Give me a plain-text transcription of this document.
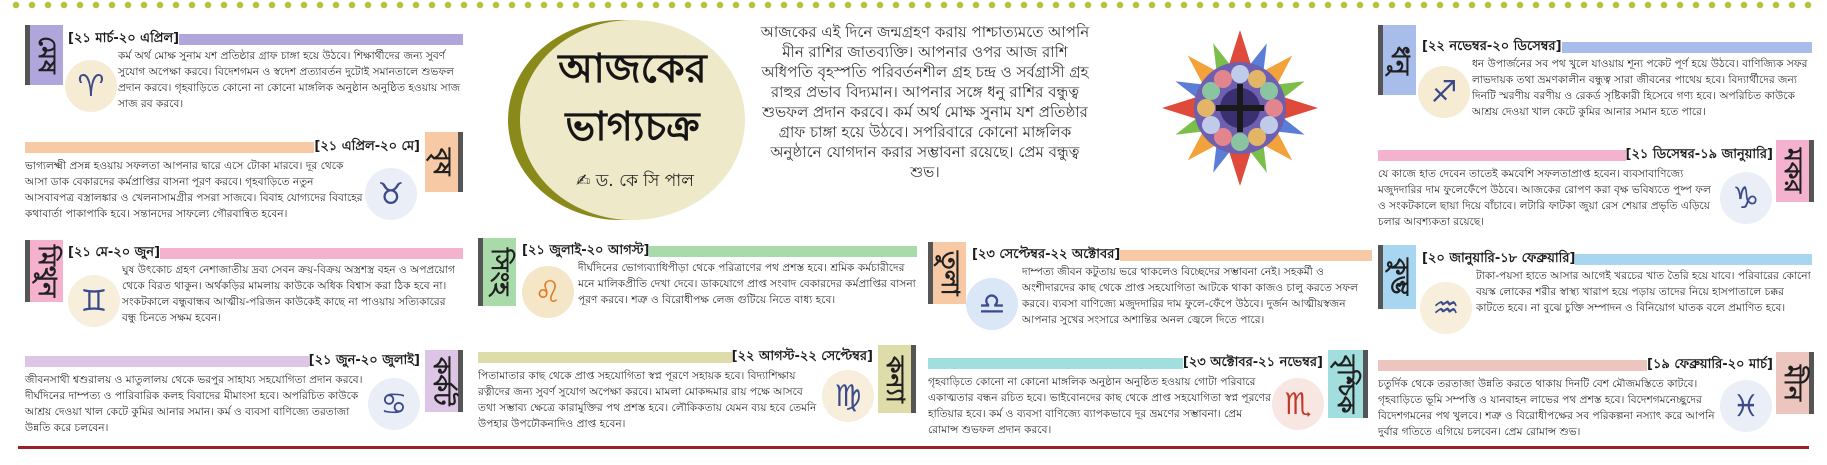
মেষ [২১ মার্চ-২০ এপ্রিল]
♈
কর্ম অর্থ মোক্ষ সুনাম যশ প্রতিষ্ঠার গ্রাফ চাঙ্গা হয়ে উঠবে। শিক্ষার্থীদের জন্য সুবর্ণ সুযোগ অপেক্ষা করবে। বিদেশগমন ও স্বদেশ প্রত্যাবর্তন দুটোই সমানতালে শুভফল প্রদান করবে। গৃহবাড়িতে কোনো না কোনো মাঙ্গলিক অনুষ্ঠান অনুষ্ঠিত হওয়ায় সাজ সাজ রব করবে।
[২১ এপ্রিল-২০ মে]
বৃষ
♉
ভাগ্যলক্ষ্মী প্রসন্ন হওয়ায় সফলতা আপনার দ্বারে এসে টোকা মারবে। দূর থেকে আসা ডাক বেকারদের কর্মপ্রাপ্তির বাসনা পূরণ করবে। গৃহবাড়িতে নতুন আসবাবপত্র বস্ত্রালঙ্কার ও খেলনাসামগ্রীর পসরা সাজবে। বিবাহ যোগ্যদের বিবাহের কথাবার্তা পাকাপাকি হবে। সন্তানদের সাফল্যে গৌরবান্বিত হবেন।
মিথুন [২১ মে-২০ জুন]
♊
ঘুষ উৎকোচ গ্রহণ নেশাজাতীয় দ্রব্য সেবন ক্রয়-বিক্রয় অস্ত্রশস্ত্র বহন ও অপপ্রয়োগ থেকে বিরত থাকুন। অর্থকড়ির মামলায় কাউকে অধিক বিশ্বাস করা ঠিক হবে না। সংকটকালে বন্ধুবান্ধব আত্মীয়-পরিজন কাউকেই কাছে না পাওয়ায় সত্যিকারের বন্ধু চিনতে সক্ষম হবেন।
[২১ জুন-২০ জুলাই] কর্কট
♋
জীবনসাথী শ্বশুরালয় ও মাতুলালয় থেকে ভরপুর সাহায্য সহযোগিতা প্রদান করবে। দীর্ঘদিনের দাম্পত্য ও পারিবারিক কলহ বিবাদের মীমাংসা হবে। অপরিচিত কাউকে আশ্রয় দেওয়া খাল কেটে কুমির আনার সমান। কর্ম ও ব্যবসা বাণিজ্যে তরতাজা উন্নতি করে চলবেন।
আজকের
ভাগ্যচক্র
✍ ড. কে সি পাল
আজকের এই দিনে জন্মগ্রহণ করায় পাশ্চাত্যমতে আপনি মীন রাশির জাতব্যক্তি। আপনার ওপর আজ রাশি অধিপতি বৃহস্পতি পরিবর্তনশীল গ্রহ চন্দ্র ও সর্বগ্রাসী গ্রহ রাহুর প্রভাব বিদ্যমান। আপনার সঙ্গে ধনু রাশির বন্ধুত্ব শুভফল প্রদান করবে। কর্ম অর্থ মোক্ষ সুনাম যশ প্রতিষ্ঠার গ্রাফ চাঙ্গা হয়ে উঠবে। সপরিবারে কোনো মাঙ্গলিক অনুষ্ঠানে যোগদান করার সম্ভাবনা রয়েছে। প্রেম বন্ধুত্ব শুভ।
সিংহ [২১ জুলাই-২০ আগস্ট]
♌
দীর্ঘদিনের ভোগ্যব্যাধিপীড়া থেকে পরিত্রাণের পথ প্রশস্ত হবে। শ্রমিক কর্মচারীদের মনে মালিকপ্রীতি দেখা দেবে। ডাকযোগে প্রাপ্ত সংবাদ বেকারদের কর্মপ্রাপ্তির বাসনা পূরণ করবে। শত্রু ও বিরোধীপক্ষ লেজ গুটিয়ে নিতে বাধ্য হবে।
[২২ আগস্ট-২২ সেপ্টেম্বর] কন্যা
♍
পিতামাতার কাছ থেকে প্রাপ্ত সহযোগিতা স্বপ্ন পূরণে সহায়ক হবে। বিদ্যাশিক্ষায় রত্নীদের জন্য সুবর্ণ সুযোগ অপেক্ষা করবে। মামলা মোকদ্দমার রায় পক্ষে আসবে তথা সম্ভাব্য ক্ষেত্রে কারামুক্তির পথ প্রশস্ত হবে। লৌকিকতায় যেমন ব্যয় হবে তেমনি উপহার উপঢৌকনাদিও প্রাপ্ত হবেন।
তুলা [২৩ সেপ্টেম্বর-২২ অক্টোবর]
♎
দাম্পত্য জীবন কটুতায় ভরে থাকলেও বিচ্ছেদের সম্ভাবনা নেই। সহকর্মী ও অংশীদারদের কাছ থেকে প্রাপ্ত সহযোগিতা আটকে থাকা কাজও চালু করতে সফল করবে। ব্যবসা বাণিজ্যে মজুদদারির দাম ফুলে-ফেঁপে উঠবে। দুর্জন আত্মীয়স্বজন আপনার সুখের সংসারে অশান্তির অনল জ্বেলে দিতে পারে।
[২৩ অক্টোবর-২১ নভেম্বর] বৃশ্চিক
♏
গৃহবাড়িতে কোনো না কোনো মাঙ্গলিক অনুষ্ঠান অনুষ্ঠিত হওয়ায় গোটা পরিবারে একাত্মতার বন্ধন রচিত হবে। ভাইবোনদের কাছ থেকে প্রাপ্ত সহযোগিতা স্বপ্ন পূরণের হাতিয়ার হবে। কর্ম ও ব্যবসা বাণিজ্যে ব্যাপকভাবে দূর ভ্রমণের সম্ভাবনা। প্রেম রোমান্স শুভফল প্রদান করবে।
ধনু [২২ নভেম্বর-২০ ডিসেম্বর]
♐
ধন উপার্জনের সব পথ খুলে যাওয়ায় শূন্য পকেট পূর্ণ হয়ে উঠবে। বাণিজ্যিক সফর লাভদায়ক তথা ভ্রমণকালীন বন্ধুত্ব সারা জীবনের পাথেয় হবে। বিদ্যার্থীদের জন্য দিনটি স্মরণীয় বরণীয় ও রেকর্ড সৃষ্টিকারী হিসেবে গণ্য হবে। অপরিচিত কাউকে আশ্রয় দেওয়া খাল কেটে কুমির আনার সমান হতে পারে।
[২১ ডিসেম্বর-১৯ জানুয়ারি] মকর
♑
যে কাজে হাত দেবেন তাতেই কমবেশি সফলতাপ্রাপ্ত হবেন। ব্যবসাবাণিজ্যে মজুদদারির দাম ফুলেফেঁপে উঠবে। আজকের রোপণ করা বৃক্ষ ভবিষ্যতে পুষ্প ফল ও সংকটকালে ছায়া দিয়ে বাঁচাবে। লটারি ফাটকা জুয়া রেস শেয়ার প্রভৃতি এড়িয়ে চলার আবশ্যকতা রয়েছে।
কুম্ভ [২০ জানুয়ারি-১৮ ফেব্রুয়ারি]
♒
টাকা-পয়সা হাতে আসার আগেই খরচের খাত তৈরি হয়ে যাবে। পরিবারের কোনো বয়স্ক লোকের শরীর স্বাস্থ্য খারাপ হয়ে পড়ায় তাদের নিয়ে হাসপাতালে চক্কর কাটতে হবে। না বুঝে চুক্তি সম্পাদন ও বিনিয়োগ ঘাতক বলে প্রমাণিত হবে।
[১৯ ফেব্রুয়ারি-২০ মার্চ]
মীন
♓
চতুর্দিক থেকে তরতাজা উন্নতি করতে থাকায় দিনটি বেশ মৌজমস্তিতে কাটবে। গৃহবাড়িতে ভূমি সম্পত্তি ও যানবাহন লাভের পথ প্রশস্ত হবে। বিদেশগমনেচ্ছুদের বিদেশগমনের পথ খুলবে। শত্রু ও বিরোধীপক্ষের সব পরিকল্পনা নস্যাৎ করে আপনি দুর্বার গতিতে এগিয়ে চলবেন। প্রেম রোমান্স শুভ।
